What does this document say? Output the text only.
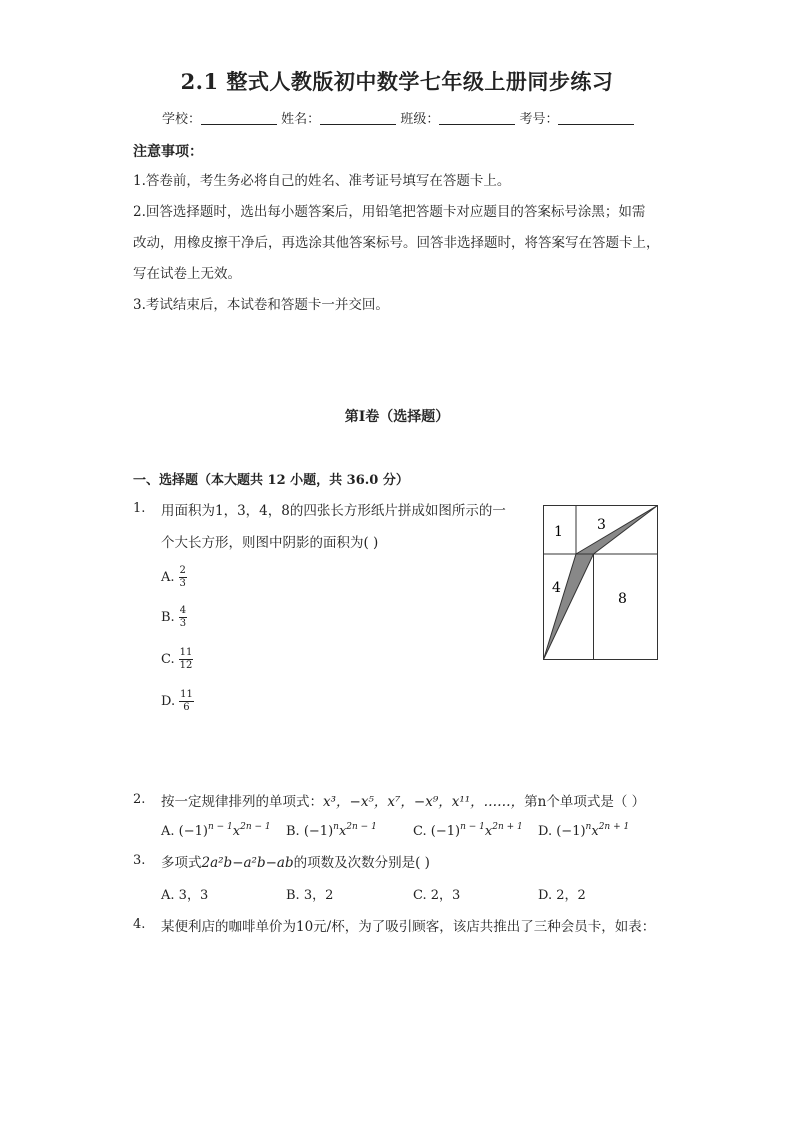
2.1 整式人教版初中数学七年级上册同步练习
学校：	姓名：	班级：	考号：
注意事项：
1.答卷前，考生务必将自己的姓名、准考证号填写在答题卡上。
2.回答选择题时，选出每小题答案后，用铅笔把答题卡对应题目的答案标号涂黑；如需
改动，用橡皮擦干净后，再选涂其他答案标号。回答非选择题时，将答案写在答题卡上，
写在试卷上无效。
3.考试结束后，本试卷和答题卡一并交回。
第Ⅰ卷（选择题）
一、选择题（本大题共 12 小题，共 36.0 分）
1. 用面积为1，3，4，8的四张长方形纸片拼成如图所示的一
个大长方形，则图中阴影的面积为( )
A. $\frac{2}{3}$
B. $\frac{4}{3}$
C. $\frac{11}{12}$
D. $\frac{11}{6}$
1 3
4
8
2. 按一定规律排列的单项式：x³，−x⁵，x⁷，−x⁹，x¹¹，……，第n个单项式是（ ）
A. $(-1)^{n - 1}x^{2n - 1}$ B. $(-1)^nx^{2n - 1}$	C. $(-1)^{n - 1}x^{2n + 1}$ D. $(-1)^nx^{2n + 1}$
3. 多项式2a²b−a²b−ab的项数及次数分别是( )
A. 3，3	B. 3，2	C. 2，3	D. 2，2
4. 某便利店的咖啡单价为10元/杯，为了吸引顾客，该店共推出了三种会员卡，如表：
